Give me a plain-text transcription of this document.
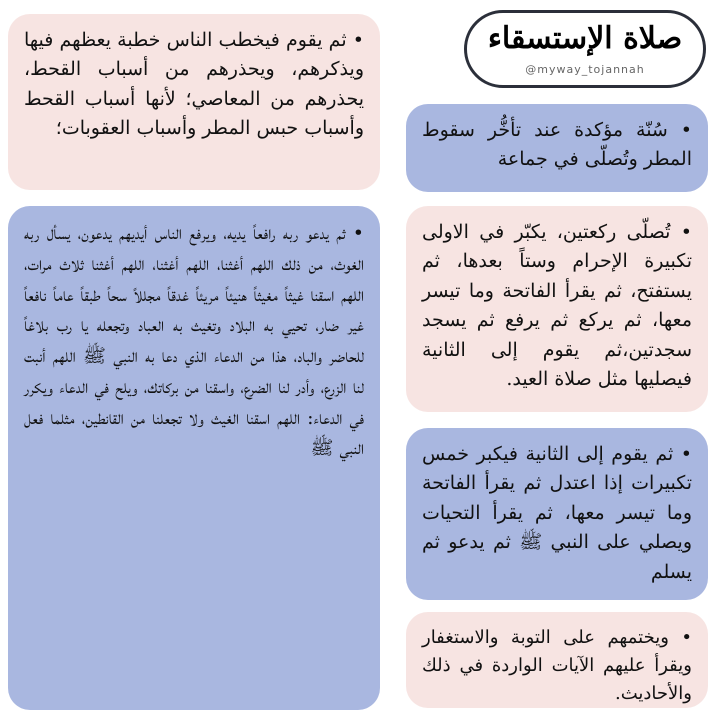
صلاة الإستسقاء
@myway_tojannah
• سُنّة مؤكدة عند تأخُّر سقوط المطر وتُصلّى في جماعة
• تُصلّى ركعتين، يكبّر في الاولى تكبيرة الإحرام وستاً بعدها، ثم يستفتح، ثم يقرأ الفاتحة وما تيسر معها، ثم يركع ثم يرفع ثم يسجد سجدتين،ثم يقوم إلى الثانية فيصليها مثل صلاة العيد.
• ثم يقوم إلى الثانية فيكبر خمس تكبيرات إذا اعتدل ثم يقرأ الفاتحة وما تيسر معها، ثم يقرأ التحيات ويصلي على النبي ﷺ ثم يدعو ثم يسلم
• ويختمهم على التوبة والاستغفار ويقرأ عليهم الآيات الواردة في ذلك والأحاديث.
• ثم يقوم فيخطب الناس خطبة يعظهم فيها ويذكرهم، ويحذرهم من أسباب القحط، يحذرهم من المعاصي؛ لأنها أسباب القحط وأسباب حبس المطر وأسباب العقوبات؛
• ثم يدعو ربه رافعاً يديه، ويرفع الناس أيديهم يدعون، يسأل ربه الغوث، من ذلك اللهم أغثنا، اللهم أغثنا، اللهم أغثنا ثلاث مرات، اللهم اسقنا غيثاً مغيثاً هنيئاً مريئاً غدقاً مجللاً سحاً طبقاً عاماً نافعاً غير ضار، تحيي به البلاد وتغيث به العباد وتجعله يا رب بلاغاً للحاضر والباد، هذا من الدعاء الذي دعا به النبي ﷺ اللهم أنبت لنا الزرع، وأدر لنا الضرع، واسقنا من بركاتك، ويلح في الدعاء ويكرر في الدعاء: اللهم اسقنا الغيث ولا تجعلنا من القانطين، مثلما فعل النبي ﷺ
